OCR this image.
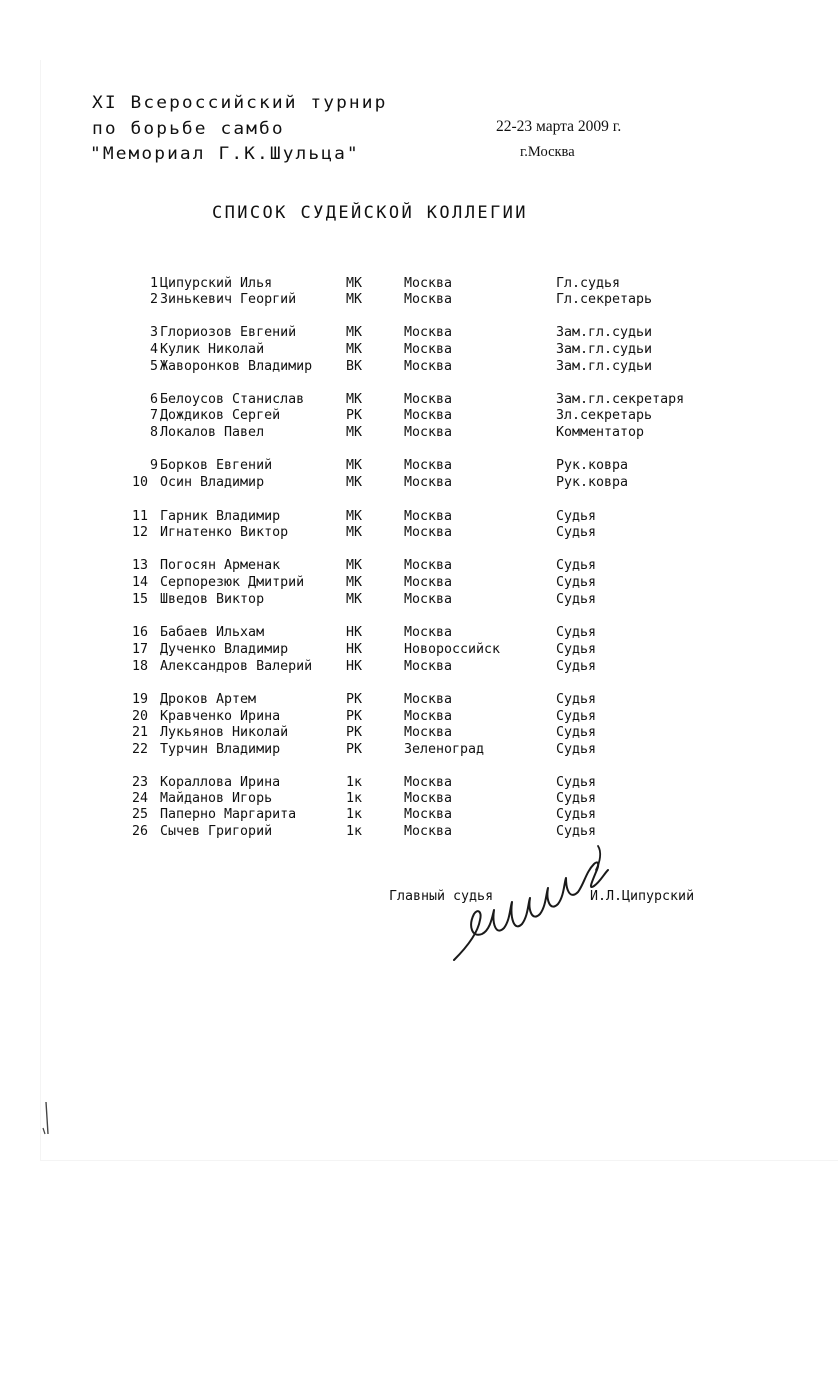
XI Всероссийский турнир
по борьбе самбо
"Мемориал Г.К.Шульца"
22-23 марта 2009 г.
г.Москва
СПИСОК СУДЕЙСКОЙ КОЛЛЕГИИ
1 Ципурский Илья	МК	Москва	Гл.судья
2 Зинькевич Георгий	МК	Москва	Гл.секретарь
3 Глориозов Евгений	МК	Москва	Зам.гл.судьи
4 Кулик Николай	МК	Москва	Зам.гл.судьи
5 Жаворонков Владимир	ВК	Москва	Зам.гл.судьи
6 Белоусов Станислав	МК	Москва	Зам.гл.секретаря
7 Дождиков Сергей	РК	Москва	Зл.секретарь
8 Локалов Павел	МК	Москва	Комментатор
9 Борков Евгений	МК	Москва	Рук.ковра
10 Осин Владимир	МК	Москва	Рук.ковра
11 Гарник Владимир	МК	Москва	Судья
12 Игнатенко Виктор	МК	Москва	Судья
13 Погосян Арменак	МК	Москва	Судья
14 Серпорезюк Дмитрий	МК	Москва	Судья
15 Шведов Виктор	МК	Москва	Судья
16 Бабаев Ильхам	НК	Москва	Судья
17 Дученко Владимир	НК	Новороссийск	Судья
18 Александров Валерий	НК	Москва	Судья
19 Дроков Артем	РК	Москва	Судья
20 Кравченко Ирина	РК	Москва	Судья
21 Лукьянов Николай	РК	Москва	Судья
22 Турчин Владимир	РК	Зеленоград	Судья
23 Кораллова Ирина	1к	Москва	Судья
24 Майданов Игорь	1к	Москва	Судья
25 Паперно Маргарита	1к	Москва	Судья
26 Сычев Григорий	1к	Москва	Судья
Главный судья	И.Л.Ципурский
